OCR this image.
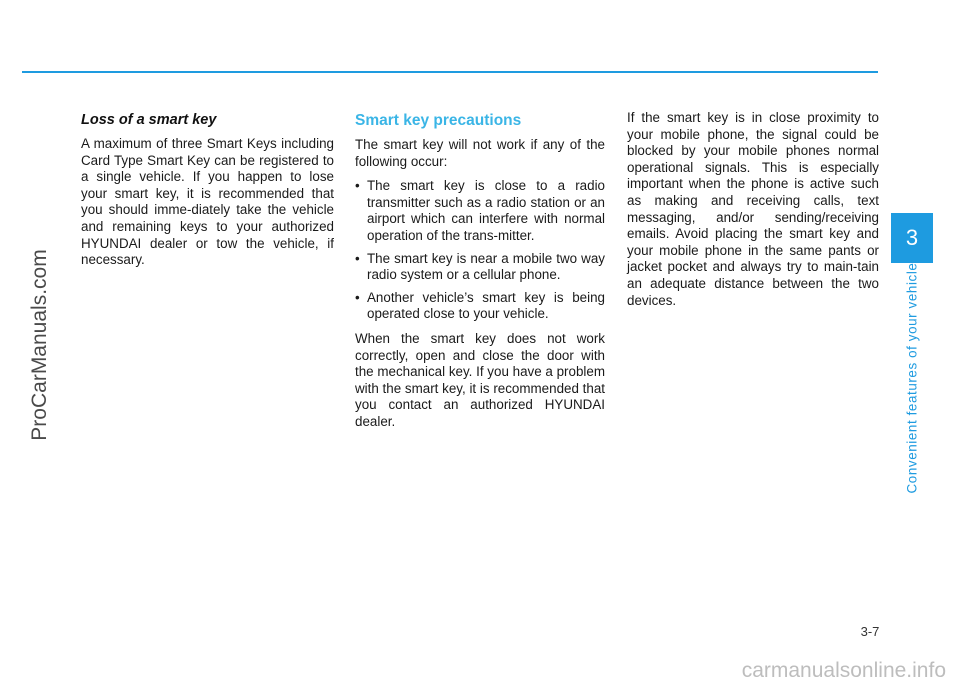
Loss of a smart key

A maximum of three Smart Keys including Card Type Smart Key can be registered to a single vehicle. If you happen to lose your smart key, it is recommended that you should imme-diately take the vehicle and remaining keys to your authorized HYUNDAI dealer or tow the vehicle, if necessary.

Smart key precautions

The smart key will not work if any of the following occur:

• The smart key is close to a radio transmitter such as a radio station or an airport which can interfere with normal operation of the trans-mitter.
• The smart key is near a mobile two way radio system or a cellular phone.
• Another vehicle’s smart key is being operated close to your vehicle.

When the smart key does not work correctly, open and close the door with the mechanical key. If you have a problem with the smart key, it is recommended that you contact an authorized HYUNDAI dealer.

If the smart key is in close proximity to your mobile phone, the signal could be blocked by your mobile phones normal operational signals. This is especially important when the phone is active such as making and receiving calls, text messaging, and/or sending/receiving emails. Avoid placing the smart key and your mobile phone in the same pants or jacket pocket and always try to main-tain an adequate distance between the two devices.

3
Convenient features of your vehicle
3-7
ProCarManuals.com
carmanualsonline.info
